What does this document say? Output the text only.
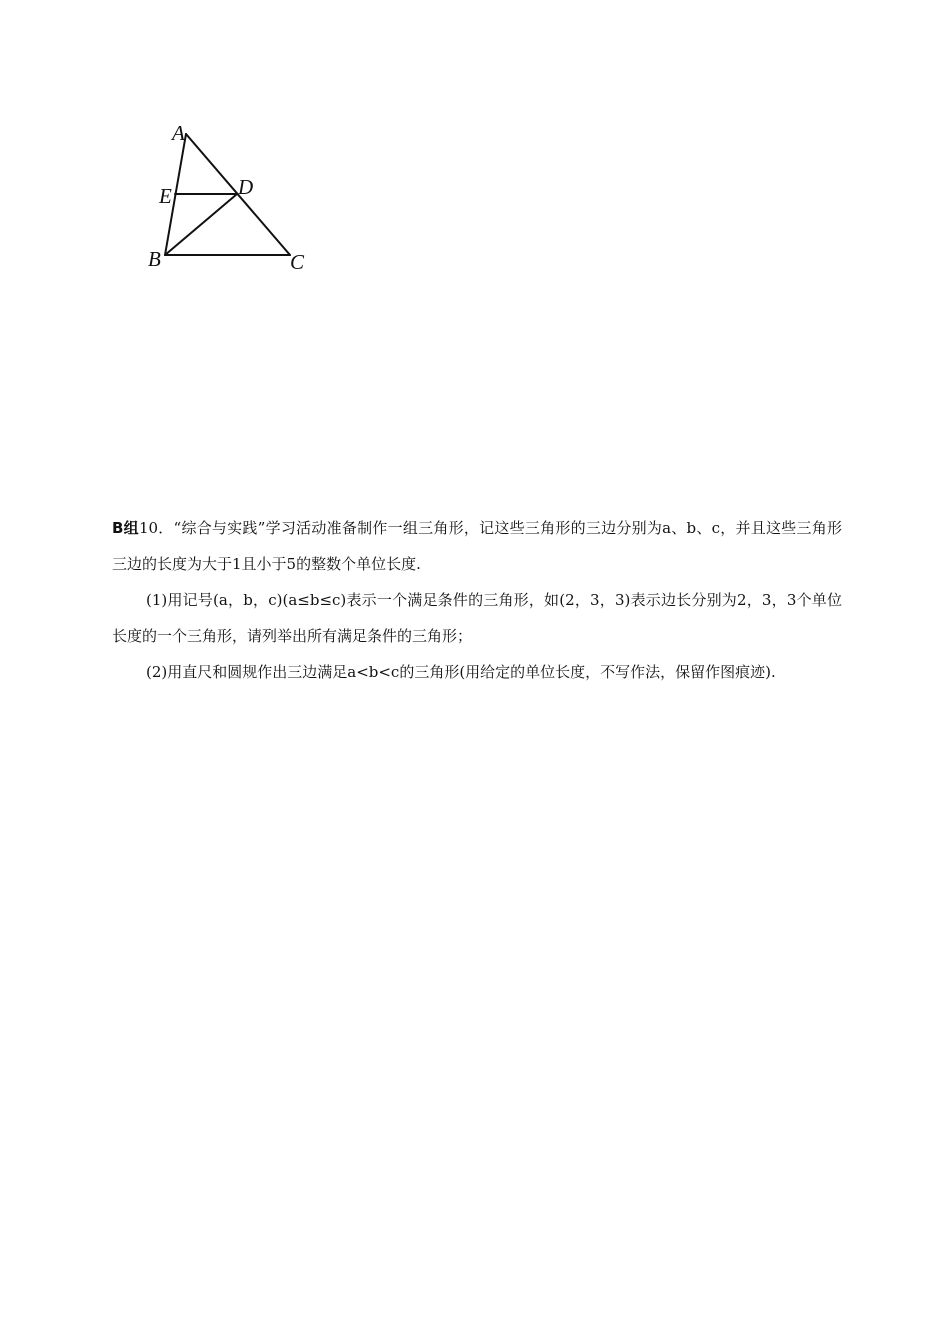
A
D
E
B	C

B组10．“综合与实践”学习活动准备制作一组三角形，记这些三角形的三边分别为a、b、c，并且这些三角形三边的长度为大于1且小于5的整数个单位长度.

(1)用记号(a，b，c)(a≤b≤c)表示一个满足条件的三角形，如(2，3，3)表示边长分别为2，3，3个单位长度的一个三角形，请列举出所有满足条件的三角形；

(2)用直尺和圆规作出三边满足a<b<c的三角形(用给定的单位长度，不写作法，保留作图痕迹).
